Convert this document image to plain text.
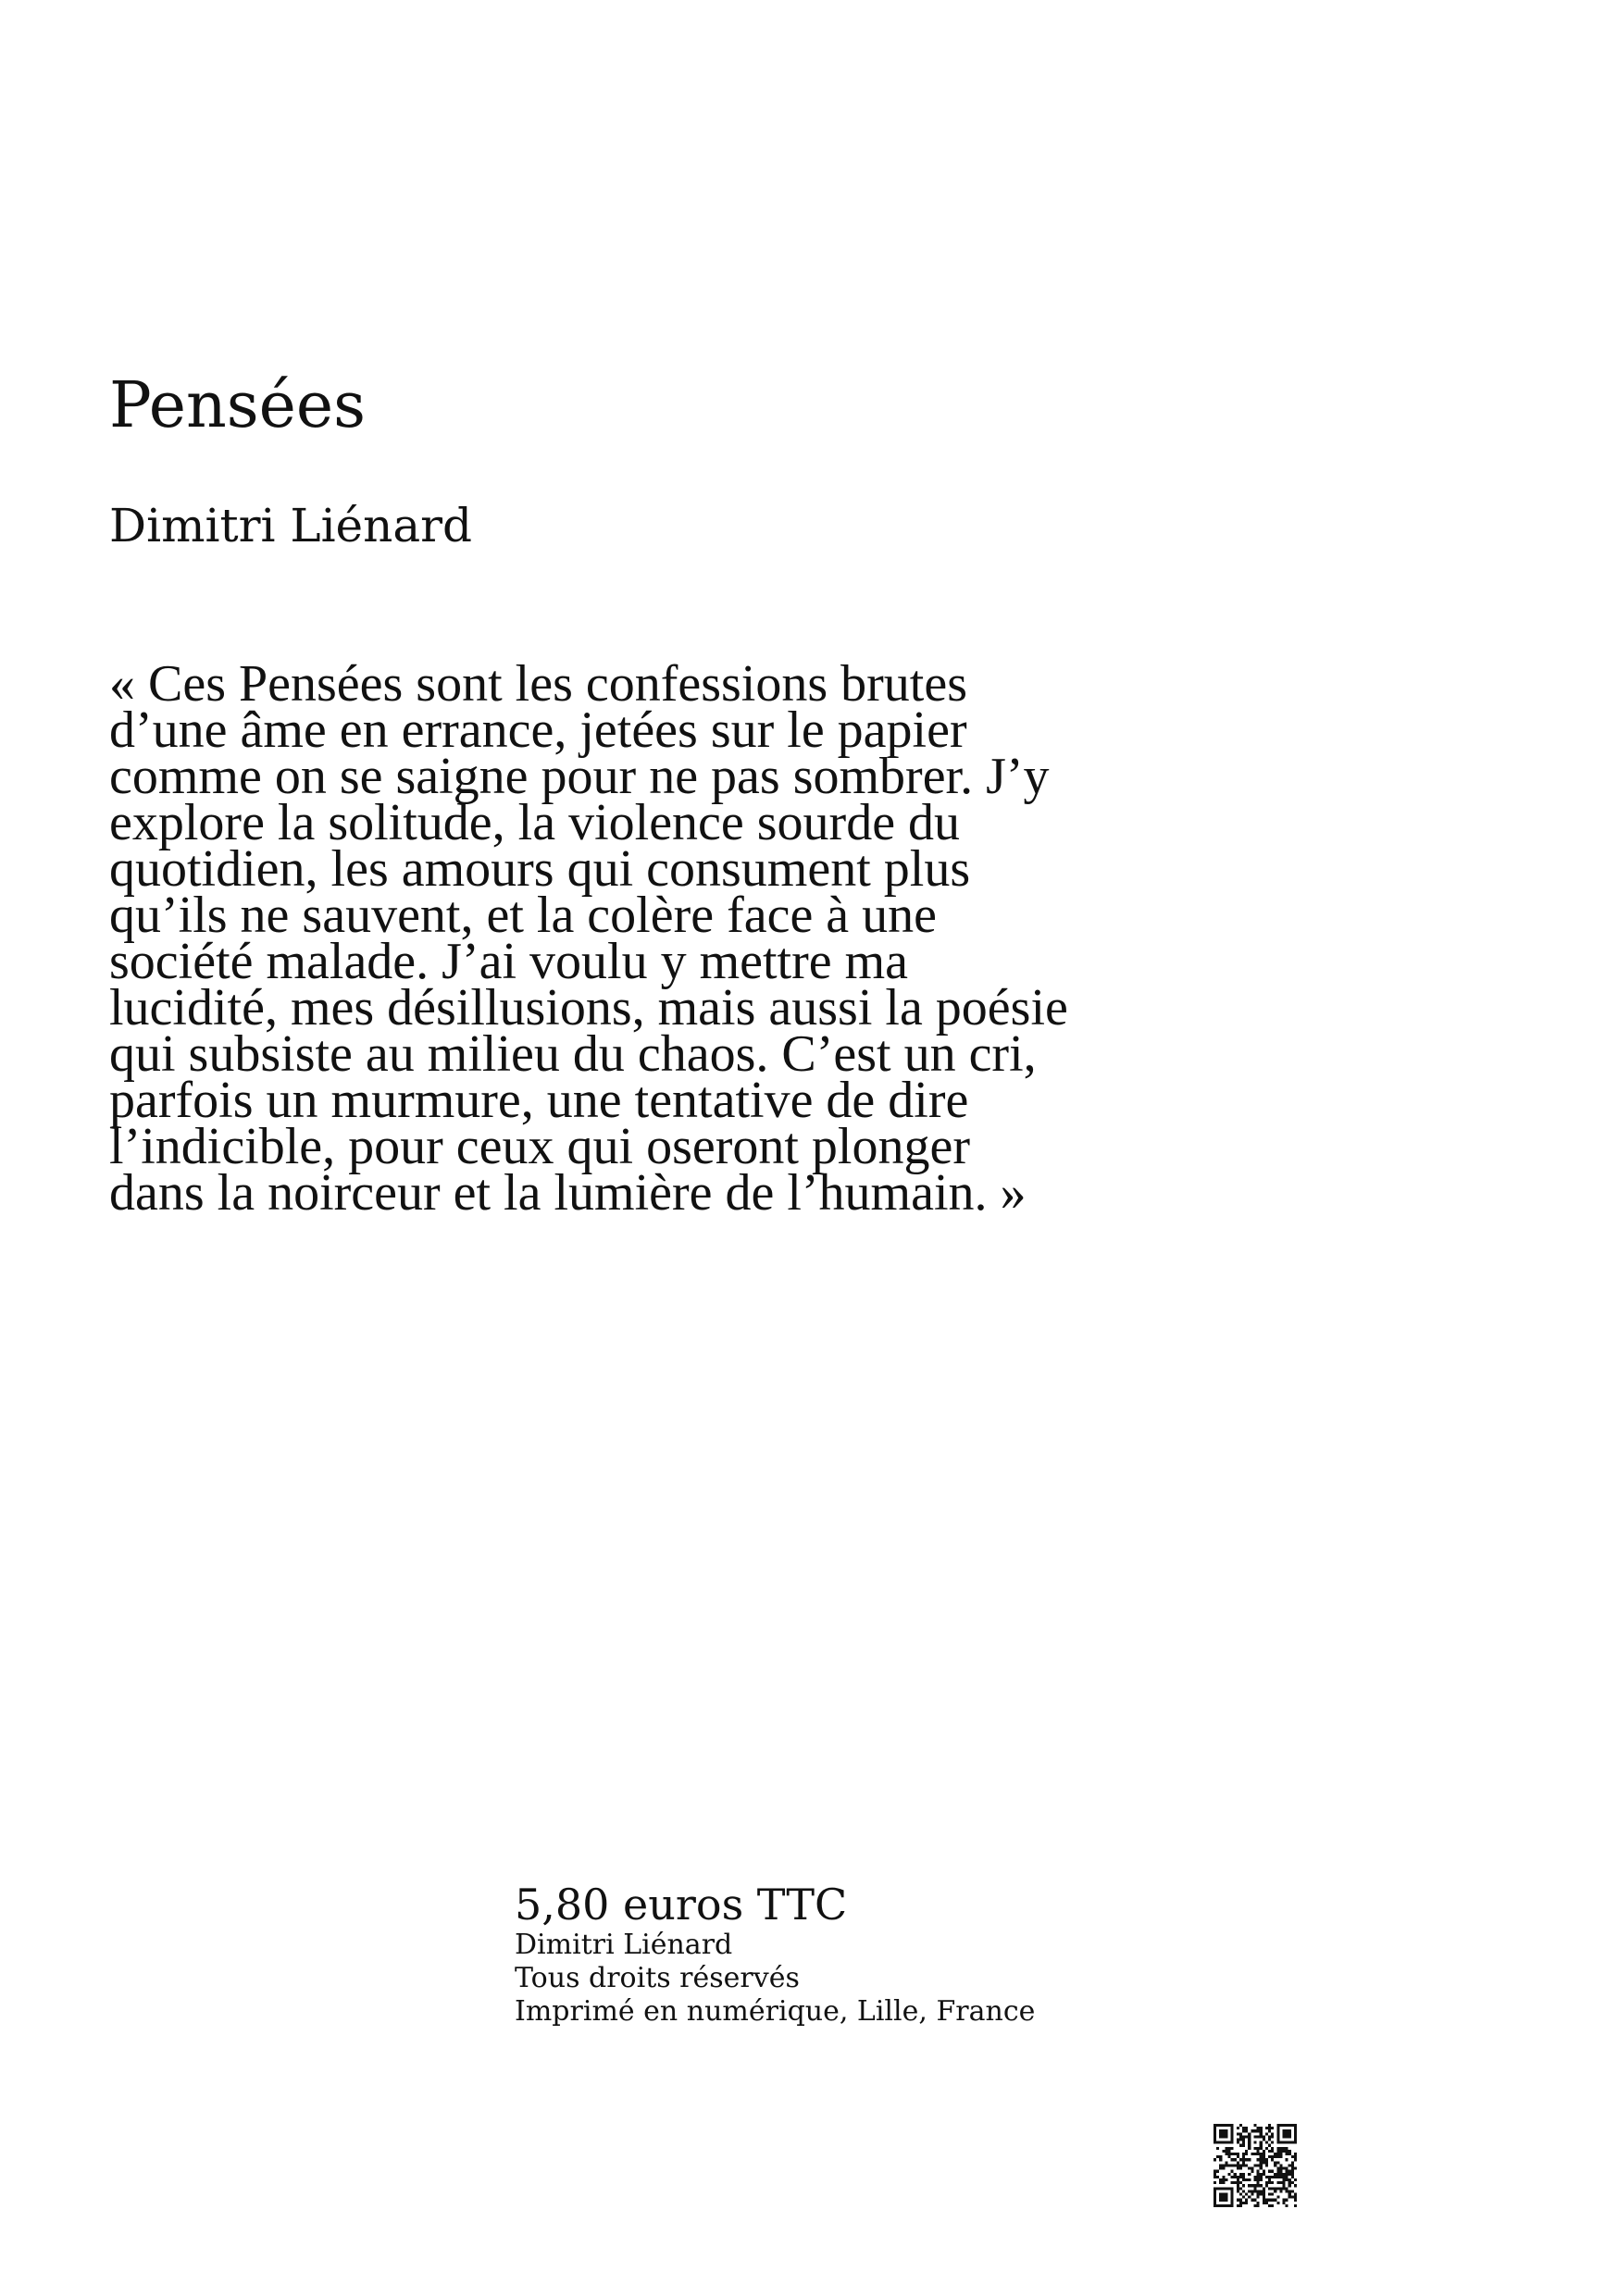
Pensées
Dimitri Liénard
« Ces Pensées sont les confessions brutes
d’une âme en errance, jetées sur le papier
comme on se saigne pour ne pas sombrer. J’y
explore la solitude, la violence sourde du
quotidien, les amours qui consument plus
qu’ils ne sauvent, et la colère face à une
société malade. J’ai voulu y mettre ma
lucidité, mes désillusions, mais aussi la poésie
qui subsiste au milieu du chaos. C’est un cri,
parfois un murmure, une tentative de dire
l’indicible, pour ceux qui oseront plonger
dans la noirceur et la lumière de l’humain. »
5,80 euros TTC
Dimitri Liénard
Tous droits réservés
Imprimé en numérique, Lille, France
